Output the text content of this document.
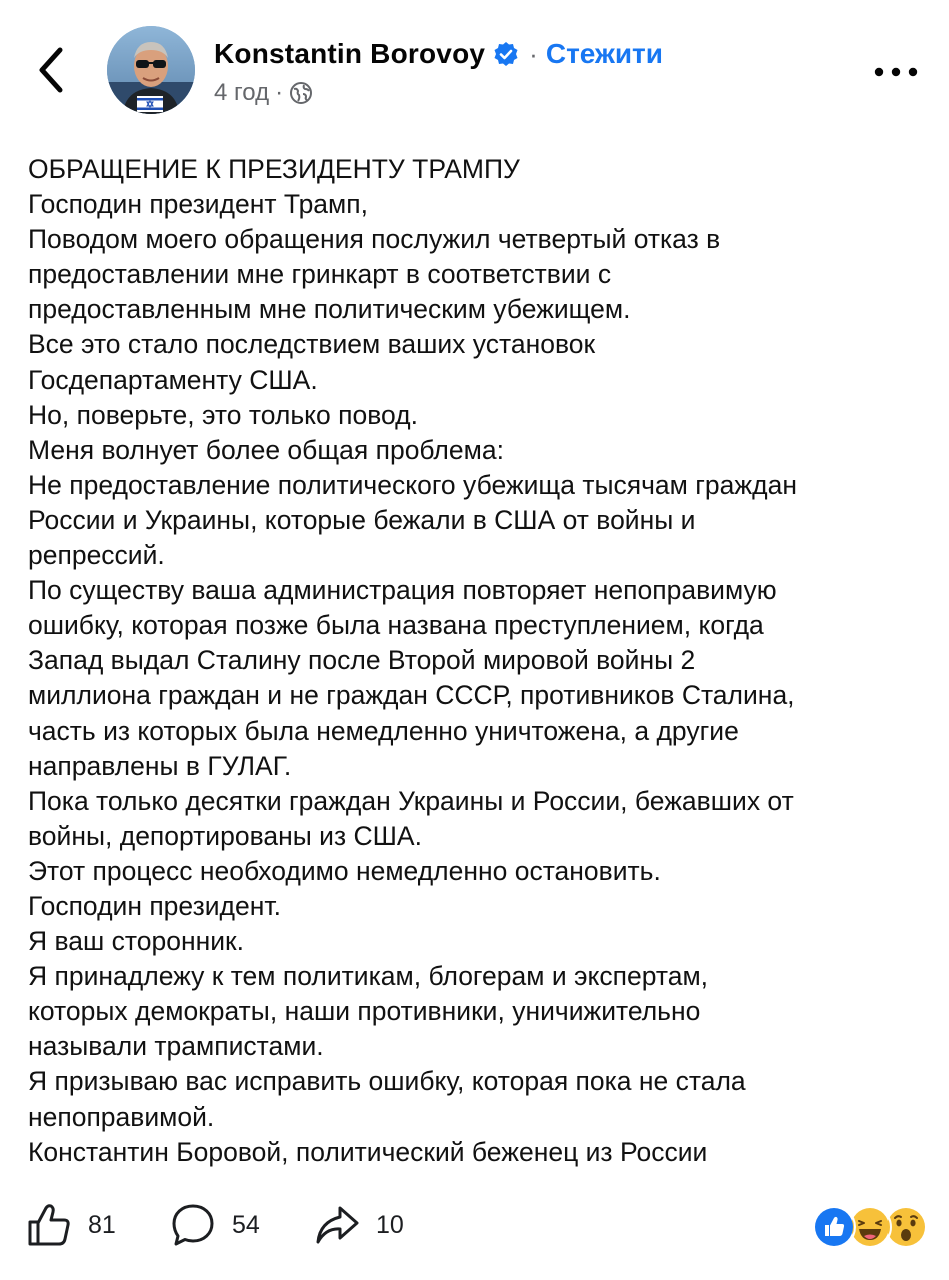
Konstantin Borovoy · Стежити
4 год ·
ОБРАЩЕНИЕ К ПРЕЗИДЕНТУ ТРАМПУ
Господин президент Трамп,
Поводом моего обращения послужил четвертый отказ в
предоставлении мне гринкарт в соответствии с
предоставленным мне политическим убежищем.
Все это стало последствием ваших установок
Госдепартаменту США.
Но, поверьте, это только повод.
Меня волнует более общая проблема:
Не предоставление политического убежища тысячам граждан
России и Украины, которые бежали в США от войны и
репрессий.
По существу ваша администрация повторяет непоправимую
ошибку, которая позже была названа преступлением, когда
Запад выдал Сталину после Второй мировой войны 2
миллиона граждан и не граждан СССР, противников Сталина,
часть из которых была немедленно уничтожена, а другие
направлены в ГУЛАГ.
Пока только десятки граждан Украины и России, бежавших от
войны, депортированы из США.
Этот процесс необходимо немедленно остановить.
Господин президент.
Я ваш сторонник.
Я принадлежу к тем политикам, блогерам и экспертам,
которых демократы, наши противники, уничижительно
называли трампистами.
Я призываю вас исправить ошибку, которая пока не стала
непоправимой.
Константин Боровой, политический беженец из России
81	54	10
